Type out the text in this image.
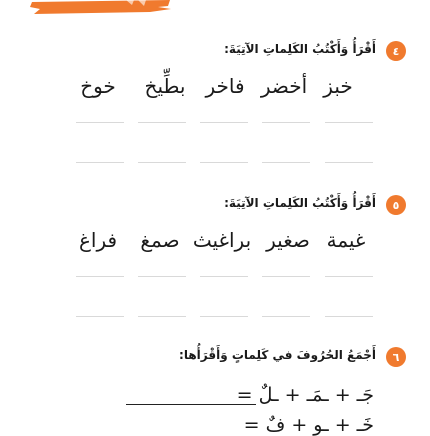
٤
أَقْرَأُ وَأَكْتُبُ الكَلِماتِ الآتِيَةَ:
خبز
أخضر
فاخر
بطِّيخ
خوخ
٥
أَقْرَأُ وَأَكْتُبُ الكَلِماتِ الآتِيَةَ:
غيمة
صغير
براغيث
صمغ
فراغ
٦
أَجْمَعُ الحُرُوفَ في كَلِماتٍ وَأَقْرَأُها:
جَـ + ـمَـ + ـلٌ =
خَـ + ـو + فٌ =
